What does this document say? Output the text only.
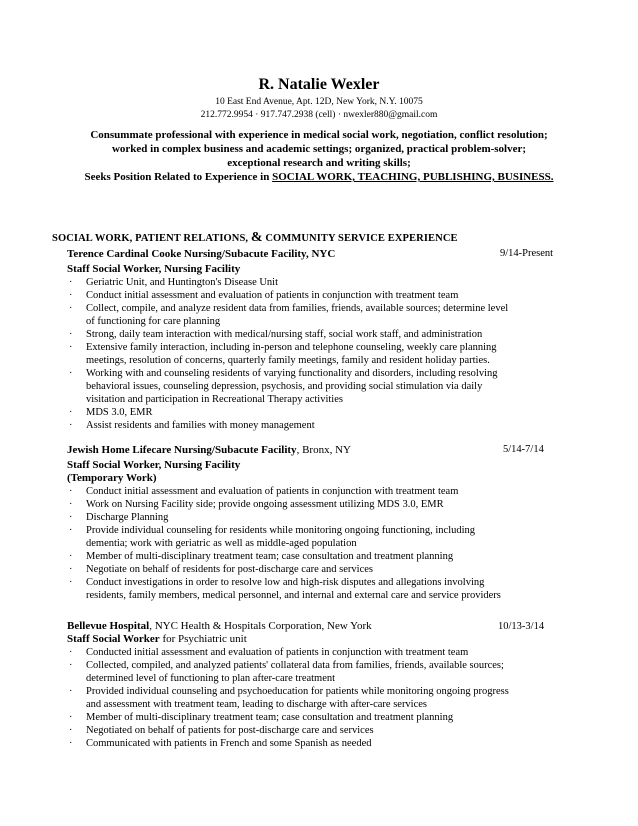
R. Natalie Wexler
10 East End Avenue, Apt. 12D, New York, N.Y. 10075
212.772.9954 · 917.747.2938 (cell) · nwexler880@gmail.com
Consummate professional with experience in medical social work, negotiation, conflict resolution;
worked in complex business and academic settings; organized, practical problem-solver;
exceptional research and writing skills;
Seeks Position Related to Experience in SOCIAL WORK, TEACHING, PUBLISHING, BUSINESS.
SOCIAL WORK, PATIENT RELATIONS, & COMMUNITY SERVICE EXPERIENCE
Terence Cardinal Cooke Nursing/Subacute Facility, NYC	9/14-Present
Staff Social Worker, Nursing Facility
· Geriatric Unit, and Huntington's Disease Unit
· Conduct initial assessment and evaluation of patients in conjunction with treatment team
· Collect, compile, and analyze resident data from families, friends, available sources; determine level
of functioning for care planning
· Strong, daily team interaction with medical/nursing staff, social work staff, and administration
· Extensive family interaction, including in-person and telephone counseling, weekly care planning
meetings, resolution of concerns, quarterly family meetings, family and resident holiday parties.
· Working with and counseling residents of varying functionality and disorders, including resolving
behavioral issues, counseling depression, psychosis, and providing social stimulation via daily
visitation and participation in Recreational Therapy activities
· MDS 3.0, EMR
· Assist residents and families with money management
Jewish Home Lifecare Nursing/Subacute Facility, Bronx, NY	5/14-7/14
Staff Social Worker, Nursing Facility
(Temporary Work)
· Conduct initial assessment and evaluation of patients in conjunction with treatment team
· Work on Nursing Facility side; provide ongoing assessment utilizing MDS 3.0, EMR
· Discharge Planning
· Provide individual counseling for residents while monitoring ongoing functioning, including
dementia; work with geriatric as well as middle-aged population
· Member of multi-disciplinary treatment team; case consultation and treatment planning
· Negotiate on behalf of residents for post-discharge care and services
· Conduct investigations in order to resolve low and high-risk disputes and allegations involving
residents, family members, medical personnel, and internal and external care and service providers
Bellevue Hospital, NYC Health & Hospitals Corporation, New York	10/13-3/14
Staff Social Worker for Psychiatric unit
· Conducted initial assessment and evaluation of patients in conjunction with treatment team
· Collected, compiled, and analyzed patients' collateral data from families, friends, available sources;
determined level of functioning to plan after-care treatment
· Provided individual counseling and psychoeducation for patients while monitoring ongoing progress
and assessment with treatment team, leading to discharge with after-care services
· Member of multi-disciplinary treatment team; case consultation and treatment planning
· Negotiated on behalf of patients for post-discharge care and services
· Communicated with patients in French and some Spanish as needed
